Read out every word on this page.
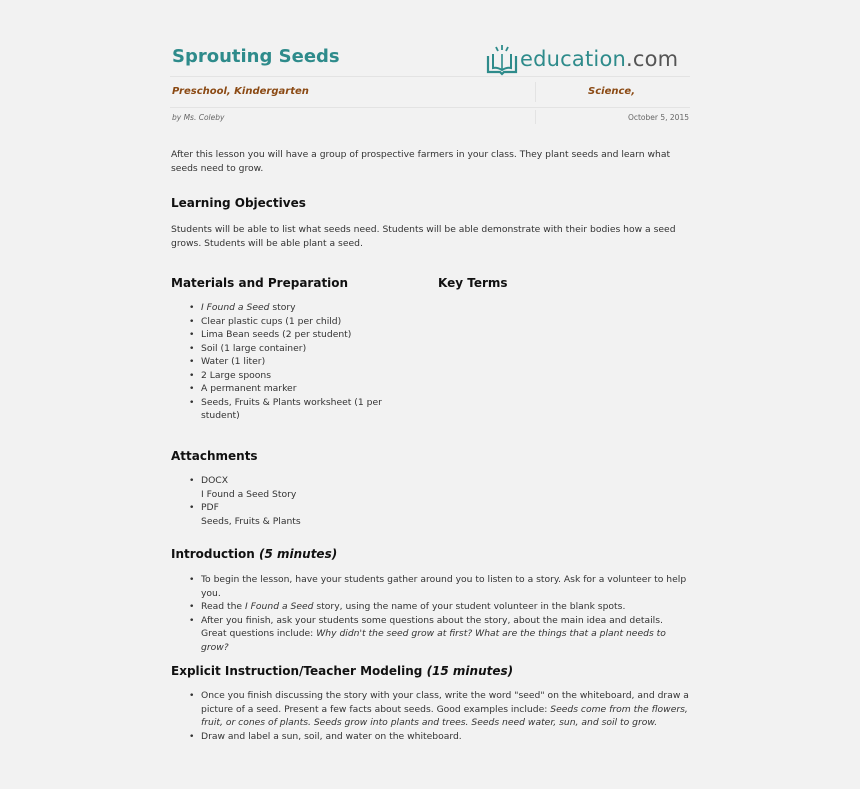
Sprouting Seeds	education.com
Preschool, Kindergarten	Science,
by Ms. Coleby	October 5, 2015
After this lesson you will have a group of prospective farmers in your class. They plant seeds and learn what seeds need to grow.
Learning Objectives
Students will be able to list what seeds need. Students will be able demonstrate with their bodies how a seed grows. Students will be able plant a seed.
Materials and Preparation	Key Terms
• I Found a Seed story
• Clear plastic cups (1 per child)
• Lima Bean seeds (2 per student)
• Soil (1 large container)
• Water (1 liter)
• 2 Large spoons
• A permanent marker
• Seeds, Fruits & Plants worksheet (1 per student)
Attachments
• DOCX
I Found a Seed Story
• PDF
Seeds, Fruits & Plants
Introduction (5 minutes)
• To begin the lesson, have your students gather around you to listen to a story. Ask for a volunteer to help you.
• Read the I Found a Seed story, using the name of your student volunteer in the blank spots.
• After you finish, ask your students some questions about the story, about the main idea and details. Great questions include: Why didn't the seed grow at first? What are the things that a plant needs to grow?
Explicit Instruction/Teacher Modeling (15 minutes)
• Once you finish discussing the story with your class, write the word "seed" on the whiteboard, and draw a picture of a seed. Present a few facts about seeds. Good examples include: Seeds come from the flowers, fruit, or cones of plants. Seeds grow into plants and trees. Seeds need water, sun, and soil to grow.
• Draw and label a sun, soil, and water on the whiteboard.
•
